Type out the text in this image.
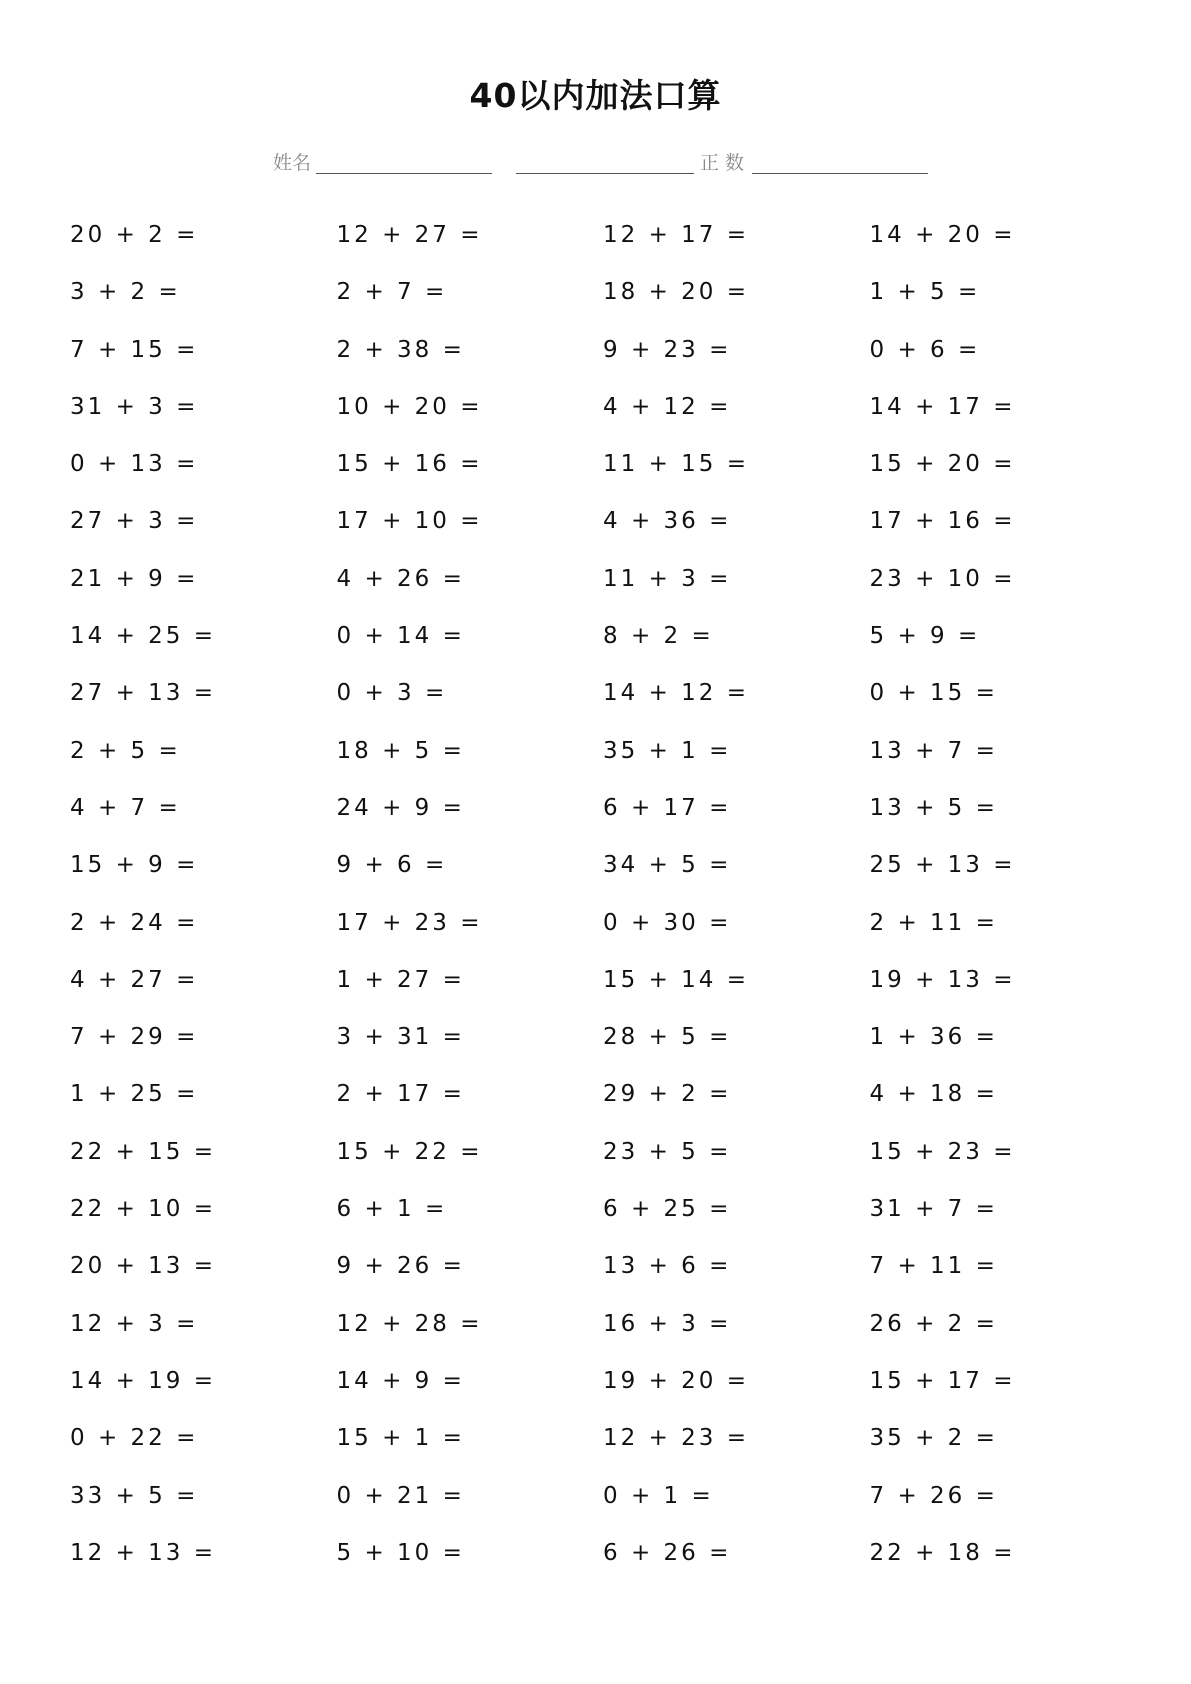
40以内加法口算
姓名	正 数
20 + 2 =	12 + 27 =	12 + 17 =	14 + 20 =
3 + 2 =	2 + 7 =	18 + 20 =	1 + 5 =
7 + 15 =	2 + 38 =	9 + 23 =	0 + 6 =
31 + 3 =	10 + 20 =	4 + 12 =	14 + 17 =
0 + 13 =	15 + 16 =	11 + 15 =	15 + 20 =
27 + 3 =	17 + 10 =	4 + 36 =	17 + 16 =
21 + 9 =	4 + 26 =	11 + 3 =	23 + 10 =
14 + 25 =	0 + 14 =	8 + 2 =	5 + 9 =
27 + 13 =	0 + 3 =	14 + 12 =	0 + 15 =
2 + 5 =	18 + 5 =	35 + 1 =	13 + 7 =
4 + 7 =	24 + 9 =	6 + 17 =	13 + 5 =
15 + 9 =	9 + 6 =	34 + 5 =	25 + 13 =
2 + 24 =	17 + 23 =	0 + 30 =	2 + 11 =
4 + 27 =	1 + 27 =	15 + 14 =	19 + 13 =
7 + 29 =	3 + 31 =	28 + 5 =	1 + 36 =
1 + 25 =	2 + 17 =	29 + 2 =	4 + 18 =
22 + 15 =	15 + 22 =	23 + 5 =	15 + 23 =
22 + 10 =	6 + 1 =	6 + 25 =	31 + 7 =
20 + 13 =	9 + 26 =	13 + 6 =	7 + 11 =
12 + 3 =	12 + 28 =	16 + 3 =	26 + 2 =
14 + 19 =	14 + 9 =	19 + 20 =	15 + 17 =
0 + 22 =	15 + 1 =	12 + 23 =	35 + 2 =
33 + 5 =	0 + 21 =	0 + 1 =	7 + 26 =
12 + 13 =	5 + 10 =	6 + 26 =	22 + 18 =
